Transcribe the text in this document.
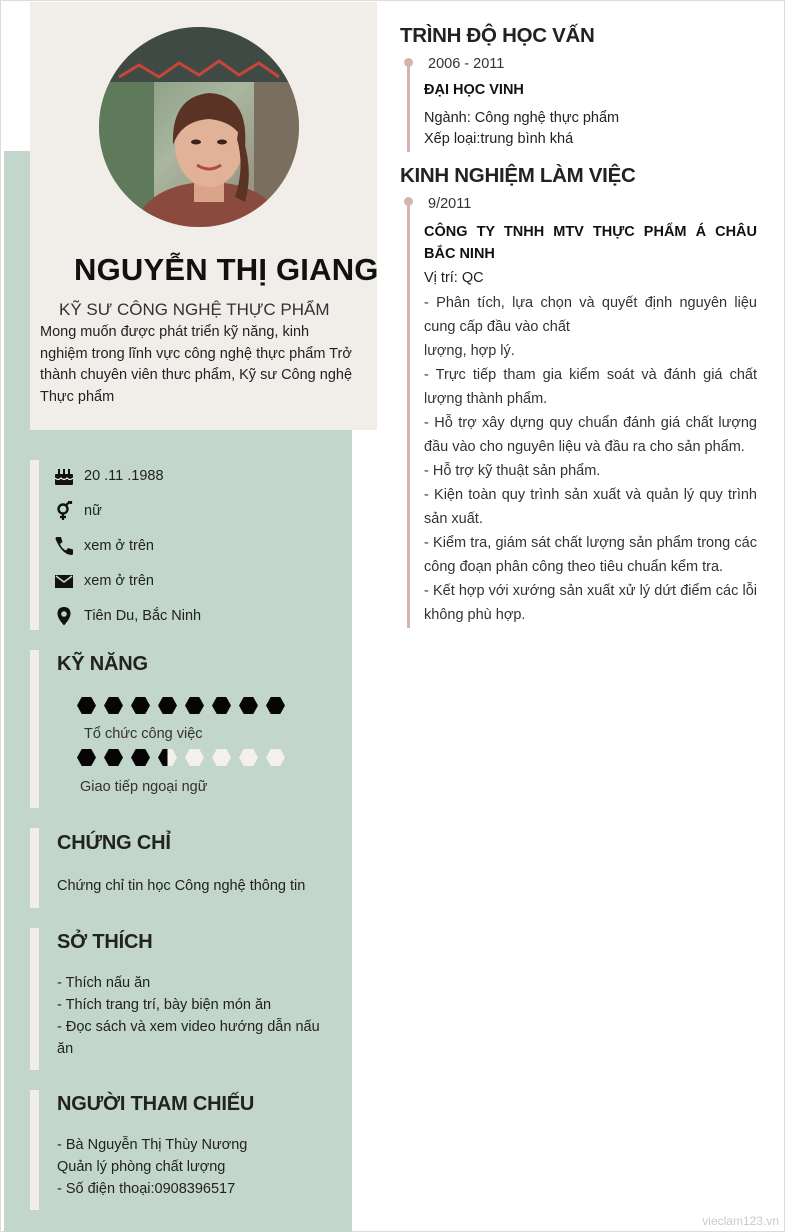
NGUYỄN THỊ GIANG
KỸ SƯ CÔNG NGHỆ THỰC PHẨM
Mong muốn được phát triển kỹ năng, kinh nghiệm trong lĩnh vực công nghệ thực phẩm Trở thành chuyên viên thưc phẩm, Kỹ sư Công nghệ Thực phẩm
20 .11 .1988
nữ
xem ở trên
xem ở trên
Tiên Du, Bắc Ninh
KỸ NĂNG
Tổ chức công việc
Giao tiếp ngoại ngữ
CHỨNG CHỈ
Chứng chỉ tin học Công nghệ thông tin
SỞ THÍCH
- Thích nấu ăn
- Thích trang trí, bày biện món ăn
- Đọc sách và xem video hướng dẫn nấu
ăn
NGƯỜI THAM CHIẾU
- Bà Nguyễn Thị Thùy Nương
Quản lý phòng chất lượng
- Số điện thoại:0908396517
TRÌNH ĐỘ HỌC VẤN
2006 - 2011
ĐẠI HỌC VINH
Ngành: Công nghệ thực phẩm
Xếp loại:trung bình khá
KINH NGHIỆM LÀM VIỆC
9/2011
CÔNG TY TNHH MTV THỰC PHẨM Á CHÂU BẮC NINH
Vị trí: QC
- Phân tích, lựa chọn và quyết định nguyên liệu cung cấp đầu vào chất
lượng, hợp lý.
- Trực tiếp tham gia kiểm soát và đánh giá chất lượng thành phẩm.
- Hỗ trợ xây dựng quy chuẩn đánh giá chất lượng đầu vào cho nguyên liệu và đầu ra cho sản phẩm.
- Hỗ trợ kỹ thuật sản phẩm.
- Kiện toàn quy trình sản xuất và quản lý quy trình sản xuất.
- Kiểm tra, giám sát chất lượng sản phẩm trong các công đoạn phân công theo tiêu chuẩn kểm tra.
- Kết hợp với xướng sản xuất xử lý dứt điểm các lỗi không phù hợp.
vieclam123.vn
